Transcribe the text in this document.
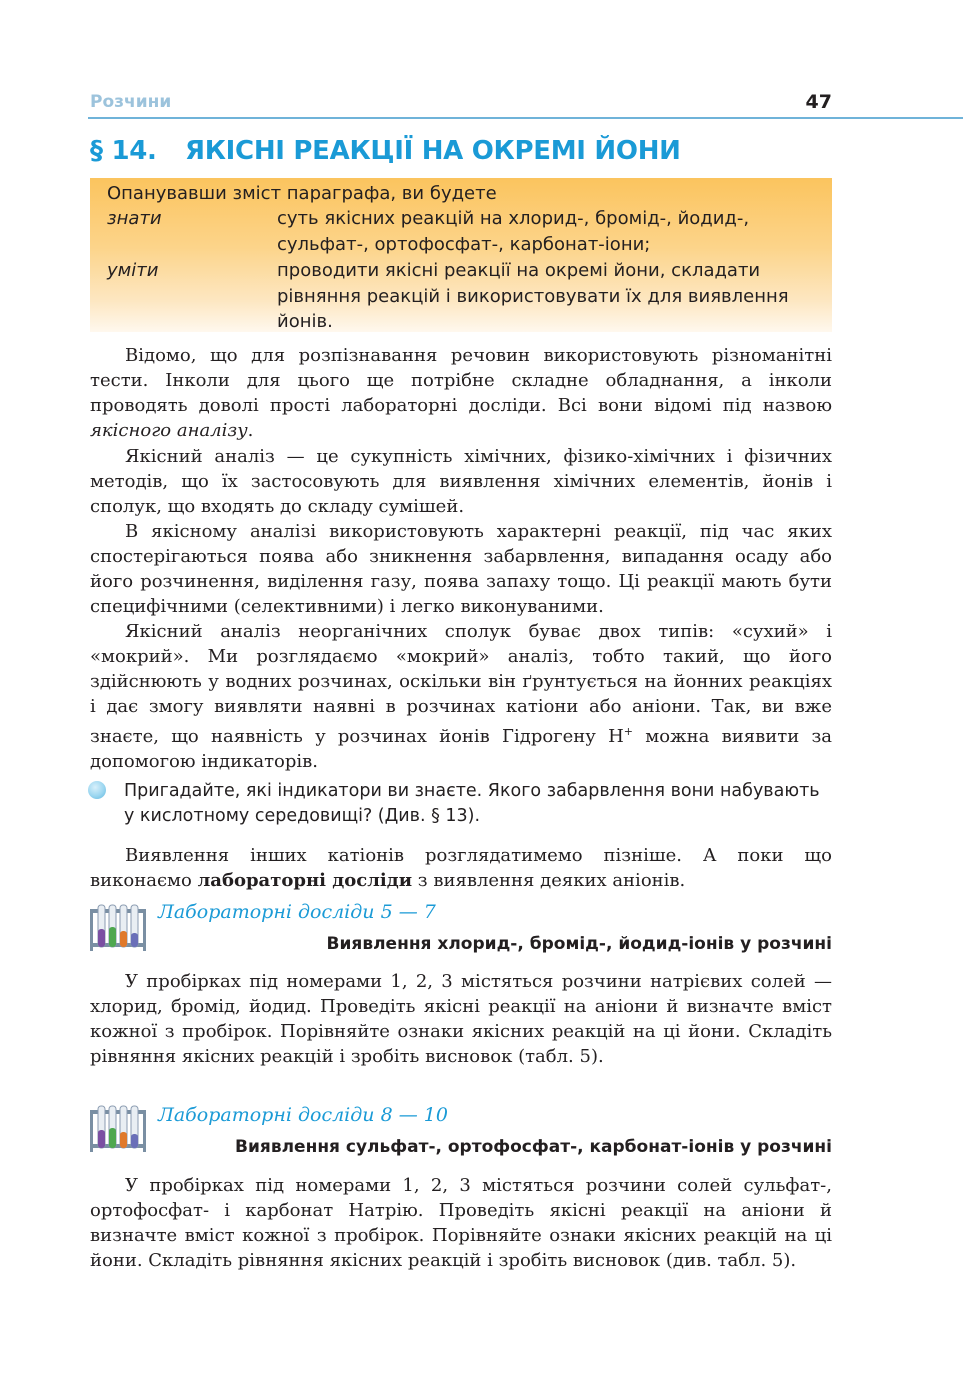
Розчини	47
§ 14. ЯКІСНІ РЕАКЦІЇ НА ОКРЕМІ ЙОНИ
Опанувавши зміст параграфа, ви будете
знати	суть якісних реакцій на хлорид-, бромід-, йодид-, сульфат-, ортофосфат-, карбонат-іони;
уміти	проводити якісні реакції на окремі йони, складати рівняння реакцій і використовувати їх для виявлення йонів.
Відомо, що для розпізнавання речовин використовують різноманітні тести. Інколи для цього ще потрібне складне обладнання, а інколи проводять доволі прості лабораторні досліди. Всі вони відомі під назвою якісного аналізу.
Якісний аналіз — це сукупність хімічних, фізико-хімічних і фізичних методів, що їх застосовують для виявлення хімічних елементів, йонів і сполук, що входять до складу сумішей.
В якісному аналізі використовують характерні реакції, під час яких спостерігаються поява або зникнення забарвлення, випадання осаду або його розчинення, виділення газу, поява запаху тощо. Ці реакції мають бути специфічними (селективними) і легко виконуваними.
Якісний аналіз неорганічних сполук буває двох типів: «сухий» і «мокрий». Ми розглядаємо «мокрий» аналіз, тобто такий, що його здійснюють у водних розчинах, оскільки він ґрунтується на йонних реакціях і дає змогу виявляти наявні в розчинах катіони або аніони. Так, ви вже знаєте, що наявність у розчинах йонів Гідрогену H+ можна виявити за допомогою індикаторів.
Пригадайте, які індикатори ви знаєте. Якого забарвлення вони набувають у кислотному середовищі? (Див. § 13).
Виявлення інших катіонів розглядатимемо пізніше. А поки що виконаємо лабораторні досліди з виявлення деяких аніонів.
Лабораторні досліди 5 — 7
Виявлення хлорид-, бромід-, йодид-іонів у розчині
У пробірках під номерами 1, 2, 3 містяться розчини натрієвих солей — хлорид, бромід, йодид. Проведіть якісні реакції на аніони й визначте вміст кожної з пробірок. Порівняйте ознаки якісних реакцій на ці йони. Складіть рівняння якісних реакцій і зробіть висновок (табл. 5).
Лабораторні досліди 8 — 10
Виявлення сульфат-, ортофосфат-, карбонат-іонів у розчині
У пробірках під номерами 1, 2, 3 містяться розчини солей сульфат-, ортофосфат- і карбонат Натрію. Проведіть якісні реакції на аніони й визначте вміст кожної з пробірок. Порівняйте ознаки якісних реакцій на ці йони. Складіть рівняння якісних реакцій і зробіть висновок (див. табл. 5).
